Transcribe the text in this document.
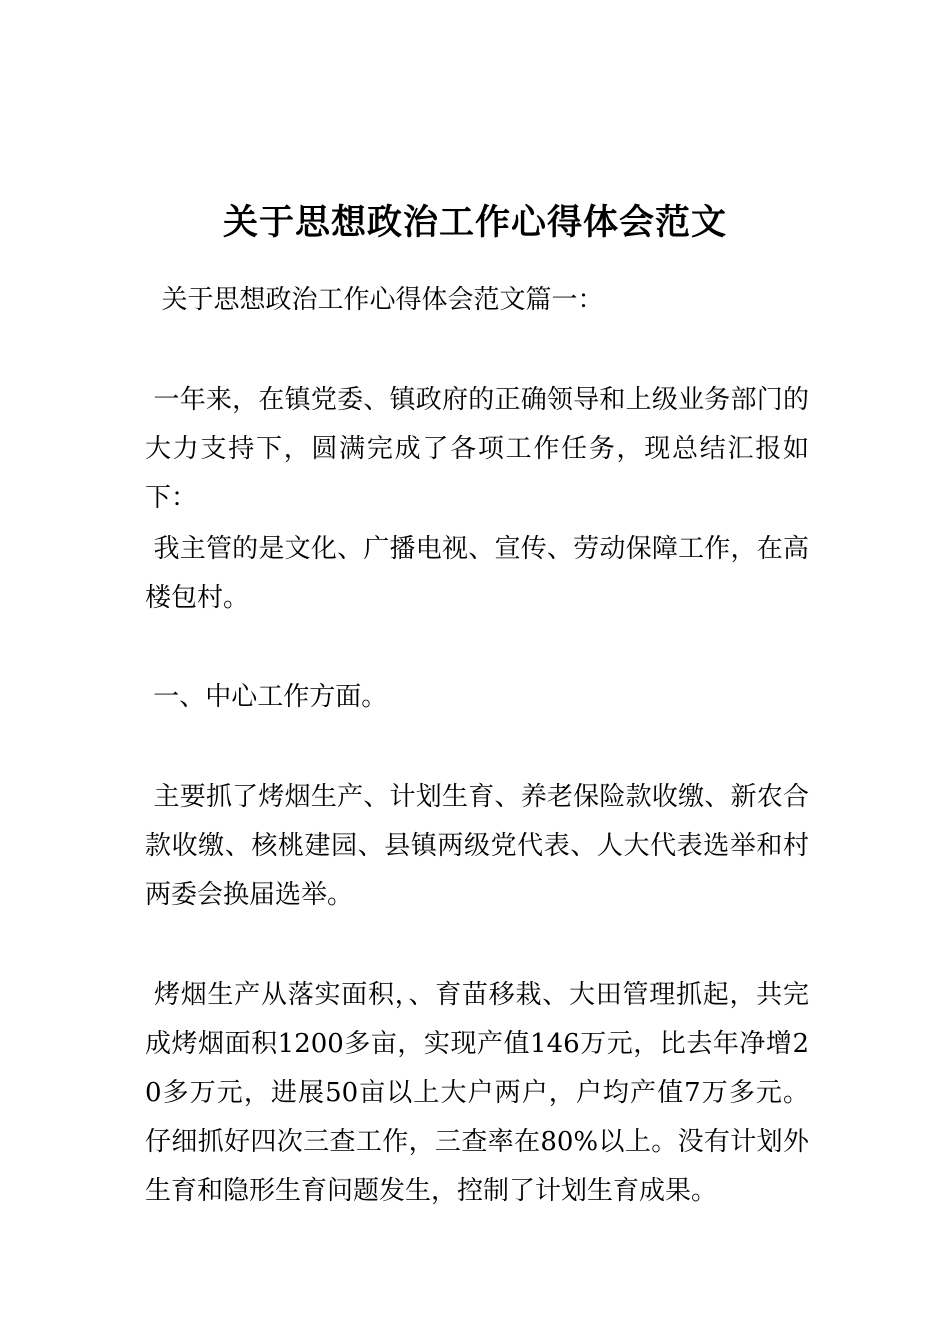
关于思想政治工作心得体会范文

关于思想政治工作心得体会范文篇一：

一年来，在镇党委、镇政府的正确领导和上级业务部门的大力支持下，圆满完成了各项工作任务，现总结汇报如下：

我主管的是文化、广播电视、宣传、劳动保障工作，在高楼包村。

一、中心工作方面。

主要抓了烤烟生产、计划生育、养老保险款收缴、新农合款收缴、核桃建园、县镇两级党代表、人大代表选举和村两委会换届选举。

烤烟生产从落实面积，、育苗移栽、大田管理抓起，共完成烤烟面积1200多亩，实现产值146万元，比去年净增20多万元，进展50亩以上大户两户，户均产值7万多元。仔细抓好四次三查工作，三查率在80%以上。没有计划外生育和隐形生育问题发生，控制了计划生育成果。
